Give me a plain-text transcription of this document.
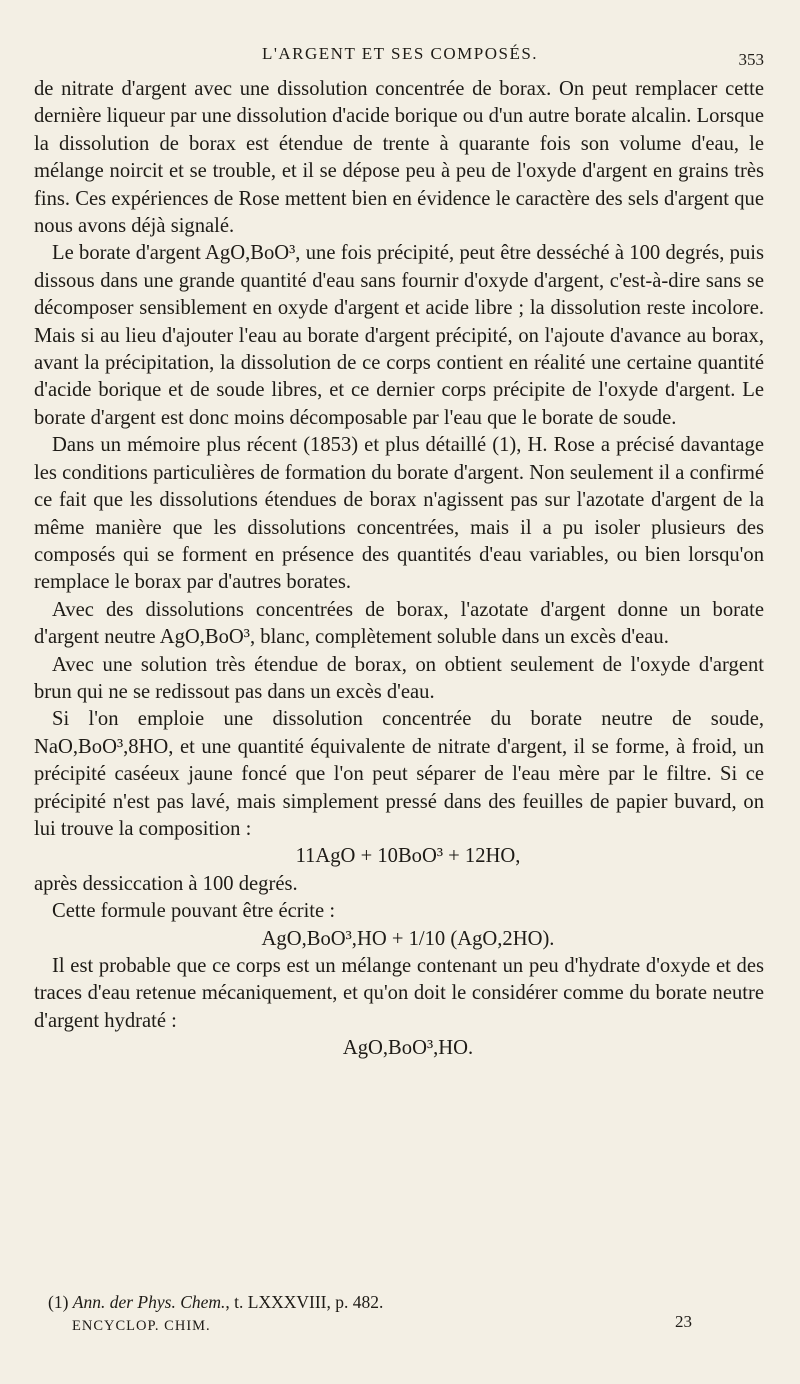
L'ARGENT ET SES COMPOSÉS.	353

de nitrate d'argent avec une dissolution concentrée de borax. On peut remplacer cette dernière liqueur par une dissolution d'acide borique ou d'un autre borate alcalin. Lorsque la dissolution de borax est étendue de trente à quarante fois son volume d'eau, le mélange noircit et se trouble, et il se dépose peu à peu de l'oxyde d'argent en grains très fins. Ces expériences de Rose mettent bien en évidence le caractère des sels d'argent que nous avons déjà signalé.

Le borate d'argent AgO,BoO³, une fois précipité, peut être desséché à 100 degrés, puis dissous dans une grande quantité d'eau sans fournir d'oxyde d'argent, c'est-à-dire sans se décomposer sensiblement en oxyde d'argent et acide libre ; la dissolution reste incolore. Mais si au lieu d'ajouter l'eau au borate d'argent précipité, on l'ajoute d'avance au borax, avant la précipitation, la dissolution de ce corps contient en réalité une certaine quantité d'acide borique et de soude libres, et ce dernier corps précipite de l'oxyde d'argent. Le borate d'argent est donc moins décomposable par l'eau que le borate de soude.

Dans un mémoire plus récent (1853) et plus détaillé (1), H. Rose a précisé davantage les conditions particulières de formation du borate d'argent. Non seulement il a confirmé ce fait que les dissolutions étendues de borax n'agissent pas sur l'azotate d'argent de la même manière que les dissolutions concentrées, mais il a pu isoler plusieurs des composés qui se forment en présence des quantités d'eau variables, ou bien lorsqu'on remplace le borax par d'autres borates.

Avec des dissolutions concentrées de borax, l'azotate d'argent donne un borate d'argent neutre AgO,BoO³, blanc, complètement soluble dans un excès d'eau.

Avec une solution très étendue de borax, on obtient seulement de l'oxyde d'argent brun qui ne se redissout pas dans un excès d'eau.

Si l'on emploie une dissolution concentrée du borate neutre de soude, NaO,BoO³,8HO, et une quantité équivalente de nitrate d'argent, il se forme, à froid, un précipité caséeux jaune foncé que l'on peut séparer de l'eau mère par le filtre. Si ce précipité n'est pas lavé, mais simplement pressé dans des feuilles de papier buvard, on lui trouve la composition :

11AgO + 10BoO³ + 12HO,

après dessiccation à 100 degrés.

Cette formule pouvant être écrite :

AgO,BoO³,HO + 1/10 (AgO,2HO).

Il est probable que ce corps est un mélange contenant un peu d'hydrate d'oxyde et des traces d'eau retenue mécaniquement, et qu'on doit le considérer comme du borate neutre d'argent hydraté :

AgO,BoO³,HO.

(1) Ann. der Phys. Chem., t. LXXXVIII, p. 482.
ENCYCLOP. CHIM.	23
